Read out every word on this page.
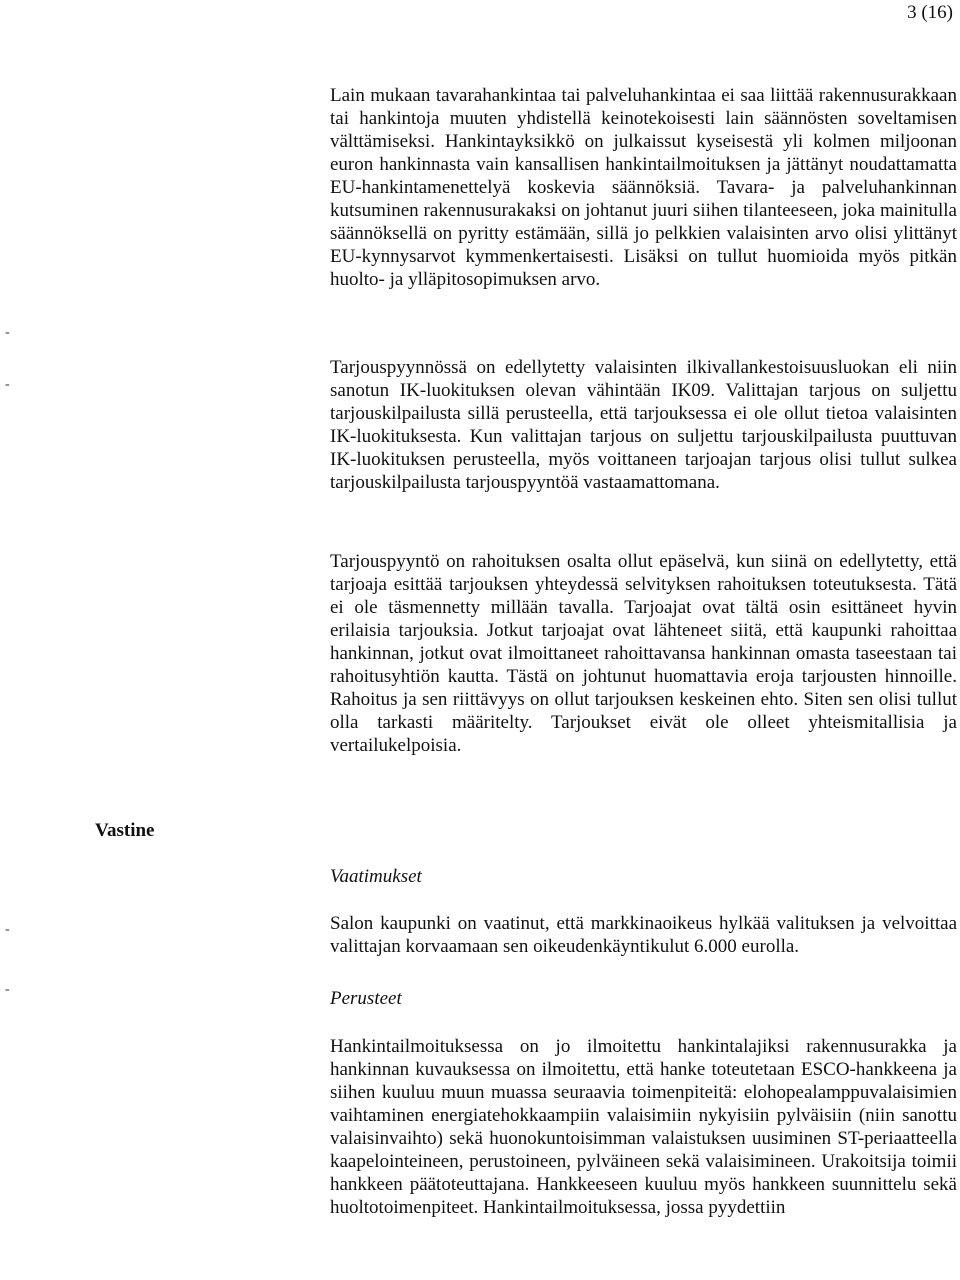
3 (16)
-
-
-
-

Lain mukaan tavarahankintaa tai palveluhankintaa ei saa liittää rakennusurakkaan tai hankintoja muuten yhdistellä keinotekoisesti lain säännösten soveltamisen välttämiseksi. Hankintayksikkö on julkaissut kyseisestä yli kolmen miljoonan euron hankinnasta vain kansallisen hankintailmoituksen ja jättänyt noudattamatta EU-hankintamenettelyä koskevia säännöksiä. Tavara- ja palveluhankinnan kutsuminen rakennusurakaksi on johtanut juuri siihen tilanteeseen, joka mainitulla säännöksellä on pyritty estämään, sillä jo pelkkien valaisinten arvo olisi ylittänyt EU-kynnysarvot kymmenkertaisesti. Lisäksi on tullut huomioida myös pitkän huolto- ja ylläpitosopimuksen arvo.

Tarjouspyynnössä on edellytetty valaisinten ilkivallankestoisuusluokan eli niin sanotun IK-luokituksen olevan vähintään IK09. Valittajan tarjous on suljettu tarjouskilpailusta sillä perusteella, että tarjouksessa ei ole ollut tietoa valaisinten IK-luokituksesta. Kun valittajan tarjous on suljettu tarjouskilpailusta puuttuvan IK-luokituksen perusteella, myös voittaneen tarjoajan tarjous olisi tullut sulkea tarjouskilpailusta tarjouspyyntöä vastaamattomana.

Tarjouspyyntö on rahoituksen osalta ollut epäselvä, kun siinä on edellytetty, että tarjoaja esittää tarjouksen yhteydessä selvityksen rahoituksen toteutuksesta. Tätä ei ole täsmennetty millään tavalla. Tarjoajat ovat tältä osin esittäneet hyvin erilaisia tarjouksia. Jotkut tarjoajat ovat lähteneet siitä, että kaupunki rahoittaa hankinnan, jotkut ovat ilmoittaneet rahoittavansa hankinnan omasta taseestaan tai rahoitusyhtiön kautta. Tästä on johtunut huomattavia eroja tarjousten hinnoille. Rahoitus ja sen riittävyys on ollut tarjouksen keskeinen ehto. Siten sen olisi tullut olla tarkasti määritelty. Tarjoukset eivät ole olleet yhteismitallisia ja vertailukelpoisia.

Vastine
Vaatimukset

Salon kaupunki on vaatinut, että markkinaoikeus hylkää valituksen ja velvoittaa valittajan korvaamaan sen oikeudenkäyntikulut 6.000 eurolla.

Perusteet

Hankintailmoituksessa on jo ilmoitettu hankintalajiksi rakennusurakka ja hankinnan kuvauksessa on ilmoitettu, että hanke toteutetaan ESCO-hankkeena ja siihen kuuluu muun muassa seuraavia toimenpiteitä: elohopealamppuvalaisimien vaihtaminen energiatehokkaampiin valaisimiin nykyisiin pylväisiin (niin sanottu valaisinvaihto) sekä huonokuntoisimman valaistuksen uusiminen ST-periaatteella kaapelointeineen, perustoineen, pylväineen sekä valaisimineen. Urakoitsija toimii hankkeen päätoteuttajana. Hankkeeseen kuuluu myös hankkeen suunnittelu sekä huoltotoimenpiteet. Hankintailmoituksessa, jossa pyydettiin
